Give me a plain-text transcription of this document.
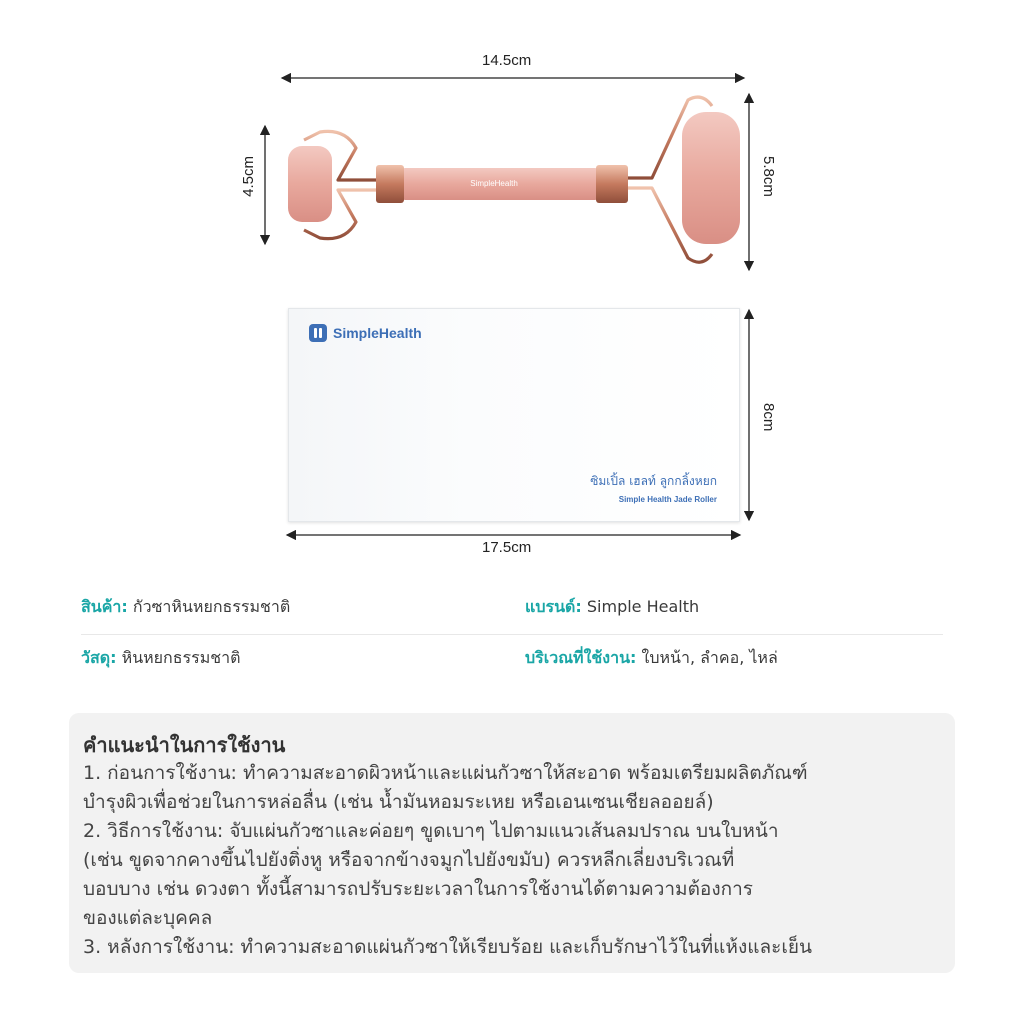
SimpleHealth
14.5cm
4.5cm	5.8cm
8cm
17.5cm
SimpleHealth
ซิมเปิ้ล เฮลท์ ลูกกลิ้งหยก
Simple Health Jade Roller
สินค้า: กัวซาหินหยกธรรมชาติ	แบรนด์: Simple Health
วัสดุ: หินหยกธรรมชาติ	บริเวณที่ใช้งาน: ใบหน้า, ลำคอ, ไหล่
คำแนะนำในการใช้งาน
1. ก่อนการใช้งาน: ทำความสะอาดผิวหน้าและแผ่นกัวซาให้สะอาด พร้อมเตรียมผลิตภัณฑ์
บำรุงผิวเพื่อช่วยในการหล่อลื่น (เช่น น้ำมันหอมระเหย หรือเอนเซนเชียลออยล์)
2. วิธีการใช้งาน: จับแผ่นกัวซาและค่อยๆ ขูดเบาๆ ไปตามแนวเส้นลมปราณ บนใบหน้า
(เช่น ขูดจากคางขึ้นไปยังติ่งหู หรือจากข้างจมูกไปยังขมับ) ควรหลีกเลี่ยงบริเวณที่
บอบบาง เช่น ดวงตา ทั้งนี้สามารถปรับระยะเวลาในการใช้งานได้ตามความต้องการ
ของแต่ละบุคคล
3. หลังการใช้งาน: ทำความสะอาดแผ่นกัวซาให้เรียบร้อย และเก็บรักษาไว้ในที่แห้งและเย็น
